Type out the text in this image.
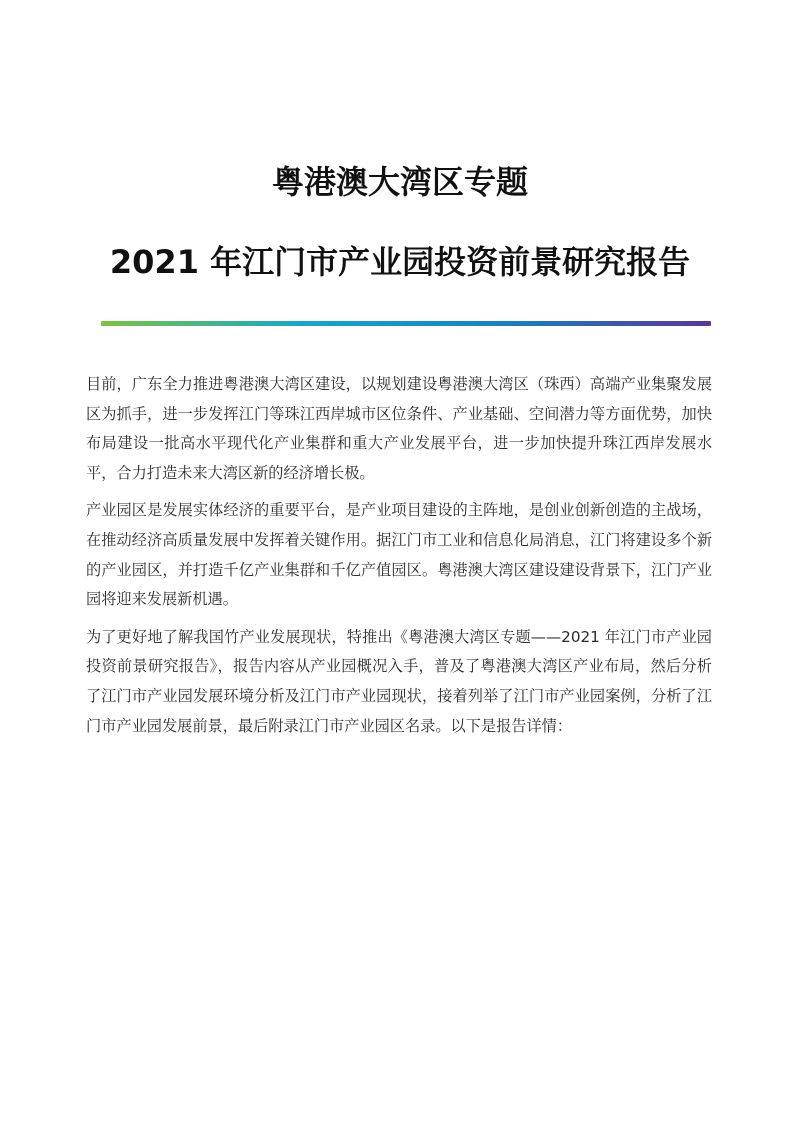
粤港澳大湾区专题
2021 年江门市产业园投资前景研究报告

目前，广东全力推进粤港澳大湾区建设，以规划建设粤港澳大湾区（珠西）高端产业集聚发展区为抓手，进一步发挥江门等珠江西岸城市区位条件、产业基础、空间潜力等方面优势，加快布局建设一批高水平现代化产业集群和重大产业发展平台，进一步加快提升珠江西岸发展水平，合力打造未来大湾区新的经济增长极。

产业园区是发展实体经济的重要平台，是产业项目建设的主阵地，是创业创新创造的主战场，在推动经济高质量发展中发挥着关键作用。据江门市工业和信息化局消息，江门将建设多个新的产业园区，并打造千亿产业集群和千亿产值园区。粤港澳大湾区建设建设背景下，江门产业园将迎来发展新机遇。

为了更好地了解我国竹产业发展现状，特推出《粤港澳大湾区专题——2021 年江门市产业园投资前景研究报告》，报告内容从产业园概况入手，普及了粤港澳大湾区产业布局，然后分析了江门市产业园发展环境分析及江门市产业园现状，接着列举了江门市产业园案例，分析了江门市产业园发展前景，最后附录江门市产业园区名录。以下是报告详情：
